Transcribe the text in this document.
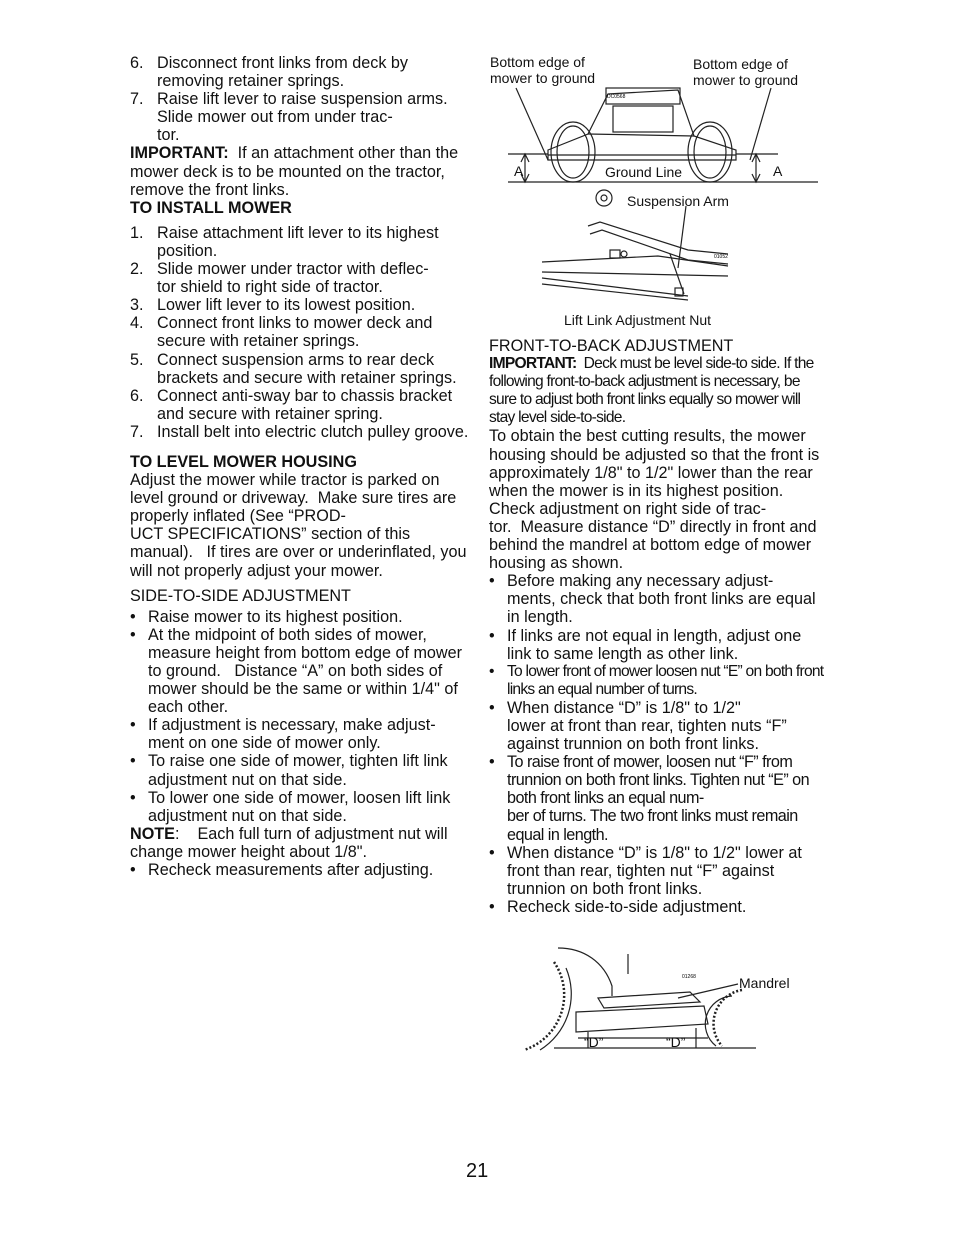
6. Disconnect front links from deck by removing retainer springs.

7. Raise lift lever to raise suspension arms. Slide mower out from under trac-
tor.

IMPORTANT:  If an attachment other than the mower deck is to be mounted on the tractor, remove the front links.

TO INSTALL MOWER

1. Raise attachment lift lever to its highest position.

2. Slide mower under tractor with deflec-
tor shield to right side of tractor.

3. Lower lift lever to its lowest position.

4. Connect front links to mower deck and secure with retainer springs.

5. Connect suspension arms to rear deck brackets and secure with retainer springs.

6. Connect anti-sway bar to chassis bracket and secure with retainer spring.

7. Install belt into electric clutch pulley groove.

TO LEVEL MOWER HOUSING

Adjust the mower while tractor is parked on level ground or driveway.  Make sure tires are properly inflated (See “PROD-
UCT SPECIFICATIONS” section of this manual).   If tires are over or underinflated, you will not properly adjust your mower.

SIDE-TO-SIDE ADJUSTMENT

• Raise mower to its highest position.

• At the midpoint of both sides of mower, measure height from bottom edge of mower to ground.   Distance “A” on both sides of mower should be the same or within 1/4" of each other.

• If adjustment is necessary, make adjust-
ment on one side of mower only.

• To raise one side of mower, tighten lift link adjustment nut on that side.

• To lower one side of mower, loosen lift link adjustment nut on that side.

NOTE:    Each full turn of adjustment nut will change mower height about 1/8".

• Recheck measurements after adjusting.

Bottom edge of
mower to ground
Bottom edge of
mower to ground
DC0568
A	A
Ground Line
01052
Suspension Arm
Lift Link Adjustment Nut

FRONT-TO-BACK ADJUSTMENT

IMPORTANT:  Deck must be level side-to side. If the following front-to-back adjustment is necessary, be sure to adjust both front links equally so mower will stay level side-to-side.

To obtain the best cutting results, the mower housing should be adjusted so that the front is approximately 1/8" to 1/2" lower than the rear when the mower is in its highest position.

Check adjustment on right side of trac-
tor.  Measure distance “D” directly in front and behind the mandrel at bottom edge of mower housing as shown.

• Before making any necessary adjust-
ments, check that both front links are equal in length.

• If links are not equal in length, adjust one link to same length as other link.

• To lower front of mower loosen nut “E” on both front links an equal number of turns.

• When distance “D” is 1/8" to 1/2"
lower at front than rear, tighten nuts “F” against trunnion on both front links.

• To raise front of mower, loosen nut “F” from trunnion on both front links. Tighten nut “E” on both front links an equal num-
ber of turns. The two front links must remain equal in length.

• When distance “D” is 1/8" to 1/2" lower at front than rear, tighten nut “F” against trunnion on both front links.

• Recheck side-to-side adjustment.

01268	Mandrel
“D”	“D”
21
